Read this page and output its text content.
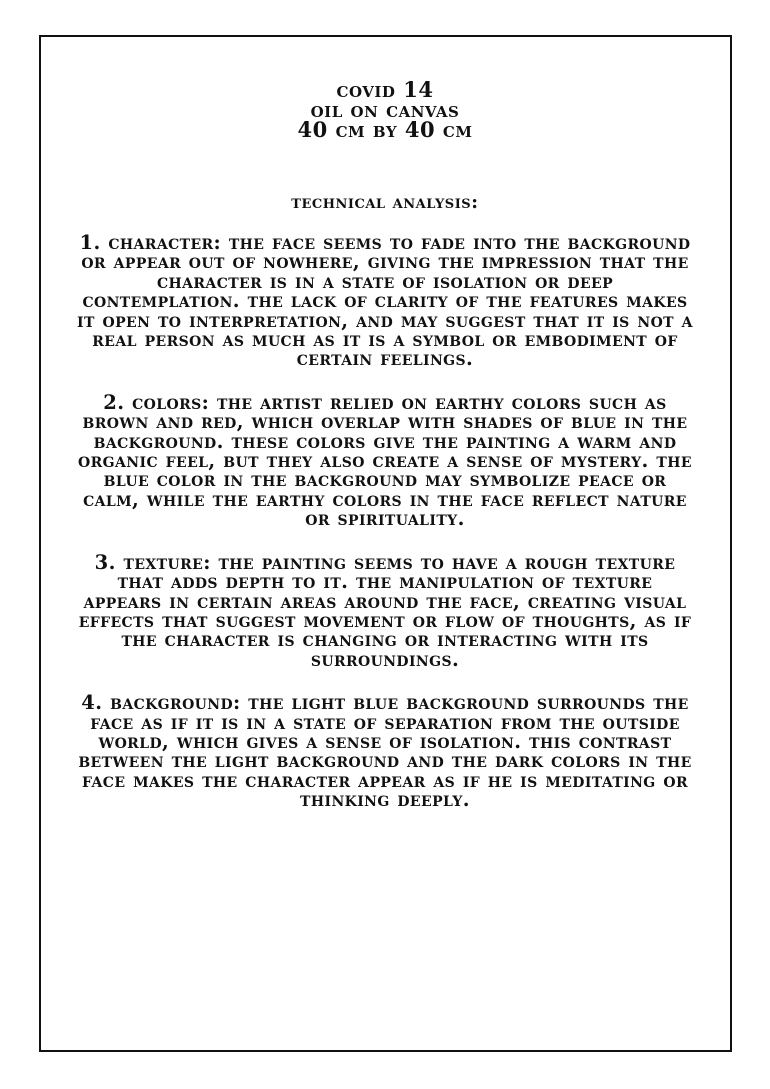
covid 14
oil on canvas
40 cm by 40 cm
technical analysis:
1. character: the face seems to fade into the background or appear out of nowhere, giving the impression that the character is in a state of isolation or deep contemplation. the lack of clarity of the features makes it open to interpretation, and may suggest that it is not a real person as much as it is a symbol or embodiment of certain feelings.
2. colors: the artist relied on earthy colors such as brown and red, which overlap with shades of blue in the background. these colors give the painting a warm and organic feel, but they also create a sense of mystery. the blue color in the background may symbolize peace or calm, while the earthy colors in the face reflect nature or spirituality.
3. texture: the painting seems to have a rough texture that adds depth to it. the manipulation of texture appears in certain areas around the face, creating visual effects that suggest movement or flow of thoughts, as if the character is changing or interacting with its surroundings.
4. background: the light blue background surrounds the face as if it is in a state of separation from the outside world, which gives a sense of isolation. this contrast between the light background and the dark colors in the face makes the character appear as if he is meditating or thinking deeply.
